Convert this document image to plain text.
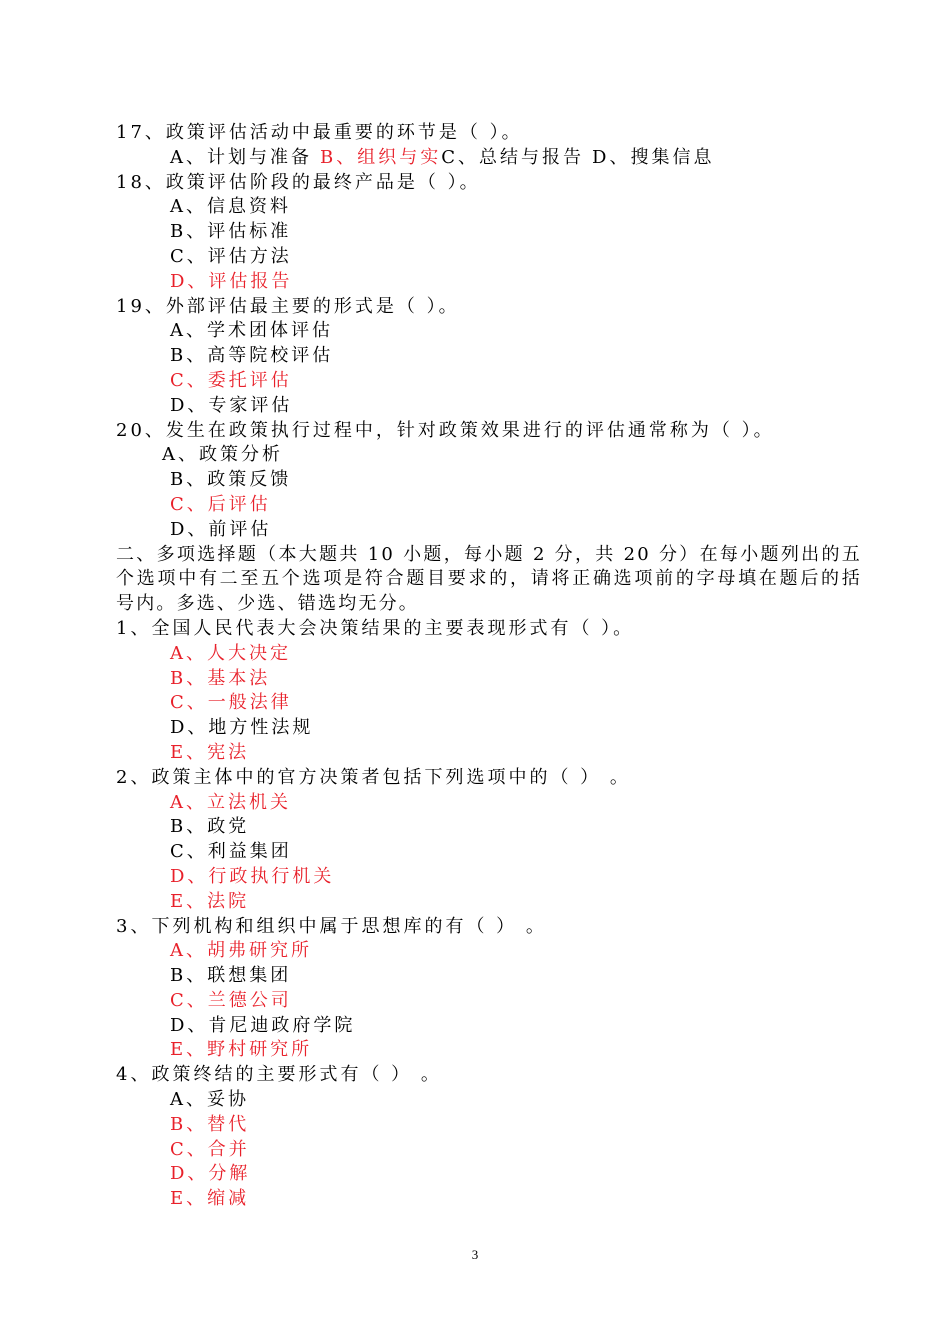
17、政策评估活动中最重要的环节是（ ）。
A、计划与准备 B、组织与实C、总结与报告 D、搜集信息
18、政策评估阶段的最终产品是（ ）。
A、信息资料
B、评估标准
C、评估方法
D、评估报告
19、外部评估最主要的形式是（ ）。
A、学术团体评估
B、高等院校评估
C、委托评估
D、专家评估
20、发生在政策执行过程中，针对政策效果进行的评估通常称为（ ）。
A、政策分析
B、政策反馈
C、后评估
D、前评估
二、多项选择题（本大题共 10 小题，每小题 2 分，共 20 分）在每小题列出的五个选项中有二至五个选项是符合题目要求的，请将正确选项前的字母填在题后的括号内。多选、少选、错选均无分。
1、全国人民代表大会决策结果的主要表现形式有（ ）。
A、人大决定
B、基本法
C、一般法律
D、地方性法规
E、宪法
2、政策主体中的官方决策者包括下列选项中的（ ） 。
A、立法机关
B、政党
C、利益集团
D、行政执行机关
E、法院
3、下列机构和组织中属于思想库的有（ ） 。
A、胡弗研究所
B、联想集团
C、兰德公司
D、肯尼迪政府学院
E、野村研究所
4、政策终结的主要形式有（ ） 。
A、妥协
B、替代
C、合并
D、分解
E、缩减
3
